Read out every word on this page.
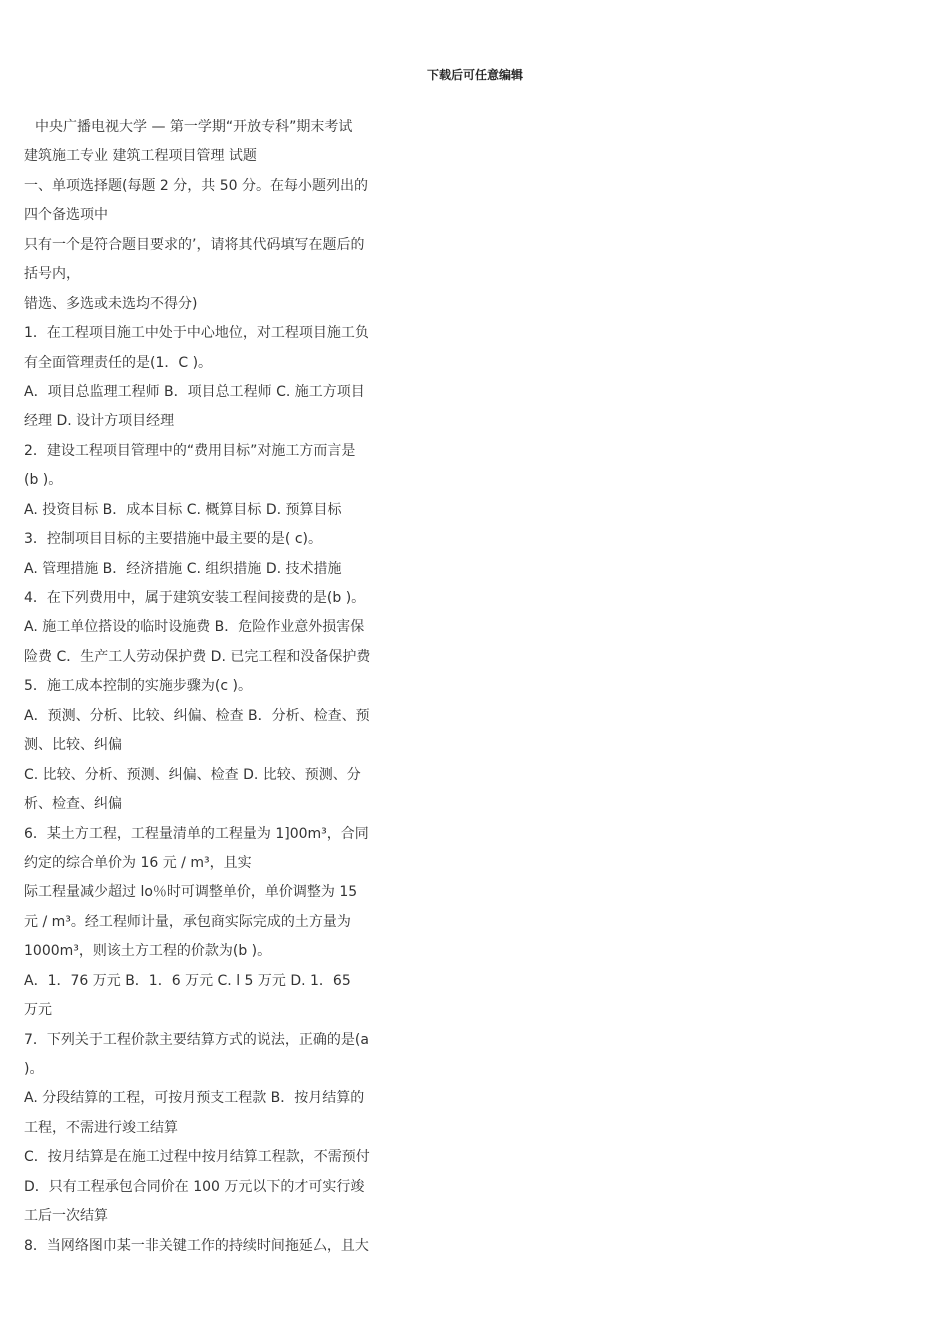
下载后可任意编辑
中央广播电视大学 — 第一学期“开放专科”期末考试
建筑施工专业 建筑工程项目管理 试题
一、单项选择题(每题 2 分，共 50 分。在每小题列出的
四个备选项中
只有一个是符合题目要求的’，请将其代码填写在题后的
括号内，
错选、多选或未选均不得分)
1．在工程项目施工中处于中心地位，对工程项目施工负
有全面管理责任的是(1．C )。
A．项目总监理工程师 B．项目总工程师 C. 施工方项目
经理 D. 设计方项目经理
2．建设工程项目管理中的“费用目标”对施工方而言是
(b )。
A. 投资目标 B．成本目标 C. 概算目标 D. 预算目标
3．控制项目目标的主要措施中最主要的是( c)。
A. 管理措施 B．经济措施 C. 组织措施 D. 技术措施
4．在下列费用中，属于建筑安装工程间接费的是(b )。
A. 施工单位搭设的临时设施费 B．危险作业意外损害保
险费 C．生产工人劳动保护费 D. 已完工程和没备保护费
5．施工成本控制的实施步骤为(c )。
A．预测、分析、比较、纠偏、检查 B．分析、检查、预
测、比较、纠偏
C. 比较、分析、预测、纠偏、检查 D. 比较、预测、分
析、检查、纠偏
6．某土方工程，工程量清单的工程量为 1]00m³，合同
约定的综合单价为 16 元 / m³，且实
际工程量减少超过 lo％时可调整单价，单价调整为 15
元 / m³。经工程师计量，承包商实际完成的土方量为
1000m³，则该土方工程的价款为(b )。
A．1．76 万元 B．1．6 万元 C. l 5 万元 D. 1．65
万元
7．下列关于工程价款主要结算方式的说法，正确的是(a
)。
A. 分段结算的工程，可按月预支工程款 B．按月结算的
工程，不需进行竣工结算
C．按月结算是在施工过程中按月结算工程款，不需预付
D．只有工程承包合同价在 100 万元以下的才可实行竣
工后一次结算
8．当网络图巾某一非关键工作的持续时间拖延厶，且大
